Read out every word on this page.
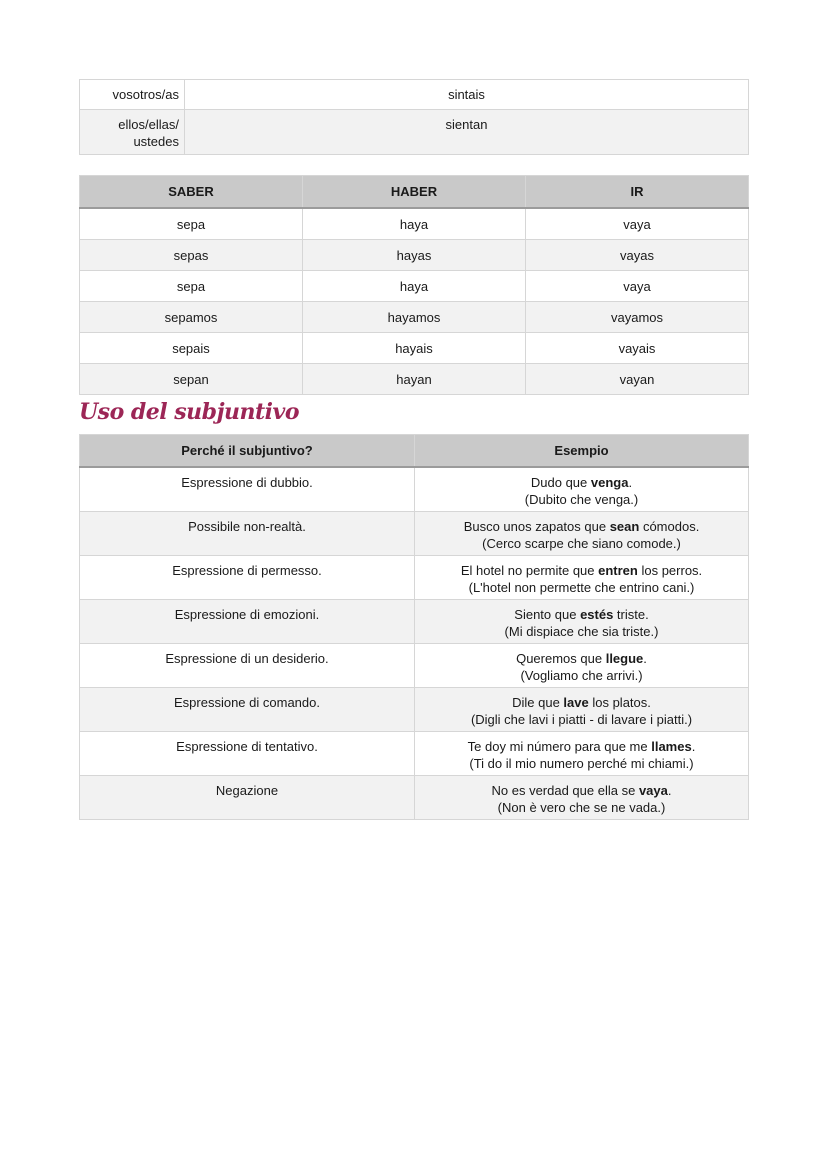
vosotros/as	sintais

ellos/ellas/
ustedes	sientan
SABER	HABER	IR
sepa	haya	vaya
sepas	hayas	vayas
sepa	haya	vaya
sepamos	hayamos	vayamos
sepais	hayais	vayais
sepan	hayan	vayan
Uso del subjuntivo
Perché il subjuntivo?	Esempio
Espressione di dubbio.	Dudo que venga.
(Dubito che venga.)

Possibile non-realtà.	Busco unos zapatos que sean cómodos.
(Cerco scarpe che siano comode.)

Espressione di permesso.	El hotel no permite que entren los perros.
(L'hotel non permette che entrino cani.)

Espressione di emozioni.	Siento que estés triste.
(Mi dispiace che sia triste.)

Espressione di un desiderio.	Queremos que llegue.
(Vogliamo che arrivi.)

Espressione di comando.	Dile que lave los platos.
(Digli che lavi i piatti - di lavare i piatti.)

Espressione di tentativo.	Te doy mi número para que me llames.
(Ti do il mio numero perché mi chiami.)

Negazione	No es verdad que ella se vaya.
(Non è vero che se ne vada.)
